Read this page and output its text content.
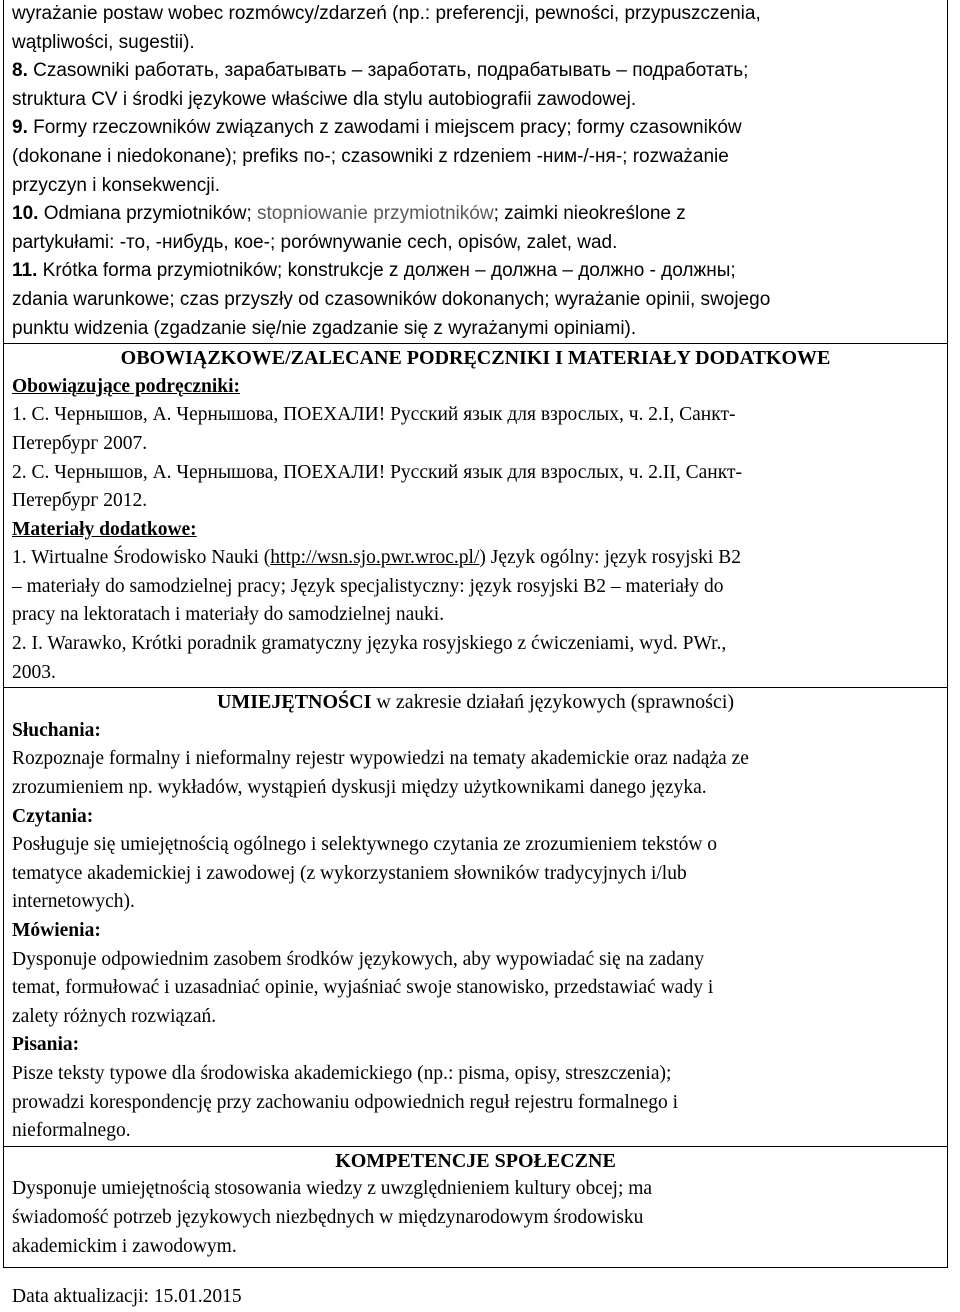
wyrażanie postaw wobec rozmówcy/zdarzeń (np.: preferencji, pewności, przypuszczenia,
wątpliwości, sugestii).
8. Czasowniki работать, зарабатывать – заработать, подрабатывать – подработать;
struktura CV i środki językowe właściwe dla stylu autobiografii zawodowej.
9. Formy rzeczowników związanych z zawodami i miejscem pracy; formy czasowników
(dokonane i niedokonane); prefiks по-; czasowniki z rdzeniem -ним-/-ня-; rozważanie
przyczyn i konsekwencji.
10. Odmiana przymiotników; stopniowanie przymiotników; zaimki nieokreślone z
partykułami: -то, -нибудь, кое-; porównywanie cech, opisów, zalet, wad.
11. Krótka forma przymiotników; konstrukcje z должен – должна – должно - должны;
zdania warunkowe; czas przyszły od czasowników dokonanych; wyrażanie opinii, swojego
punktu widzenia (zgadzanie się/nie zgadzanie się z wyrażanymi opiniami).
OBOWIĄZKOWE/ZALECANE PODRĘCZNIKI I MATERIAŁY DODATKOWE
Obowiązujące podręczniki:
1. С. Чернышов, А. Чернышова, ПОЕХАЛИ! Русский язык для взрослых, ч. 2.I, Санкт-
Петербург 2007.
2. С. Чернышов, А. Чернышова, ПОЕХАЛИ! Русский язык для взрослых, ч. 2.II, Санкт-
Петербург 2012.
Materiały dodatkowe:
1. Wirtualne Środowisko Nauki (http://wsn.sjo.pwr.wroc.pl/) Język ogólny: język rosyjski B2
– materiały do samodzielnej pracy; Język specjalistyczny: język rosyjski B2 – materiały do
pracy na lektoratach i materiały do samodzielnej nauki.
2. I. Warawko, Krótki poradnik gramatyczny języka rosyjskiego z ćwiczeniami, wyd. PWr.,
2003.
UMIEJĘTNOŚCI w zakresie działań językowych (sprawności)
Słuchania:
Rozpoznaje formalny i nieformalny rejestr wypowiedzi na tematy akademickie oraz nadąża ze
zrozumieniem np. wykładów, wystąpień dyskusji między użytkownikami danego języka.
Czytania:
Posługuje się umiejętnością ogólnego i selektywnego czytania ze zrozumieniem tekstów o
tematyce akademickiej i zawodowej (z wykorzystaniem słowników tradycyjnych i/lub
internetowych).
Mówienia:
Dysponuje odpowiednim zasobem środków językowych, aby wypowiadać się na zadany
temat, formułować i uzasadniać opinie, wyjaśniać swoje stanowisko, przedstawiać wady i
zalety różnych rozwiązań.
Pisania:
Pisze teksty typowe dla środowiska akademickiego (np.: pisma, opisy, streszczenia);
prowadzi korespondencję przy zachowaniu odpowiednich reguł rejestru formalnego i
nieformalnego.
KOMPETENCJE SPOŁECZNE
Dysponuje umiejętnością stosowania wiedzy z uwzględnieniem kultury obcej; ma
świadomość potrzeb językowych niezbędnych w międzynarodowym środowisku
akademickim i zawodowym.
Data aktualizacji: 15.01.2015
